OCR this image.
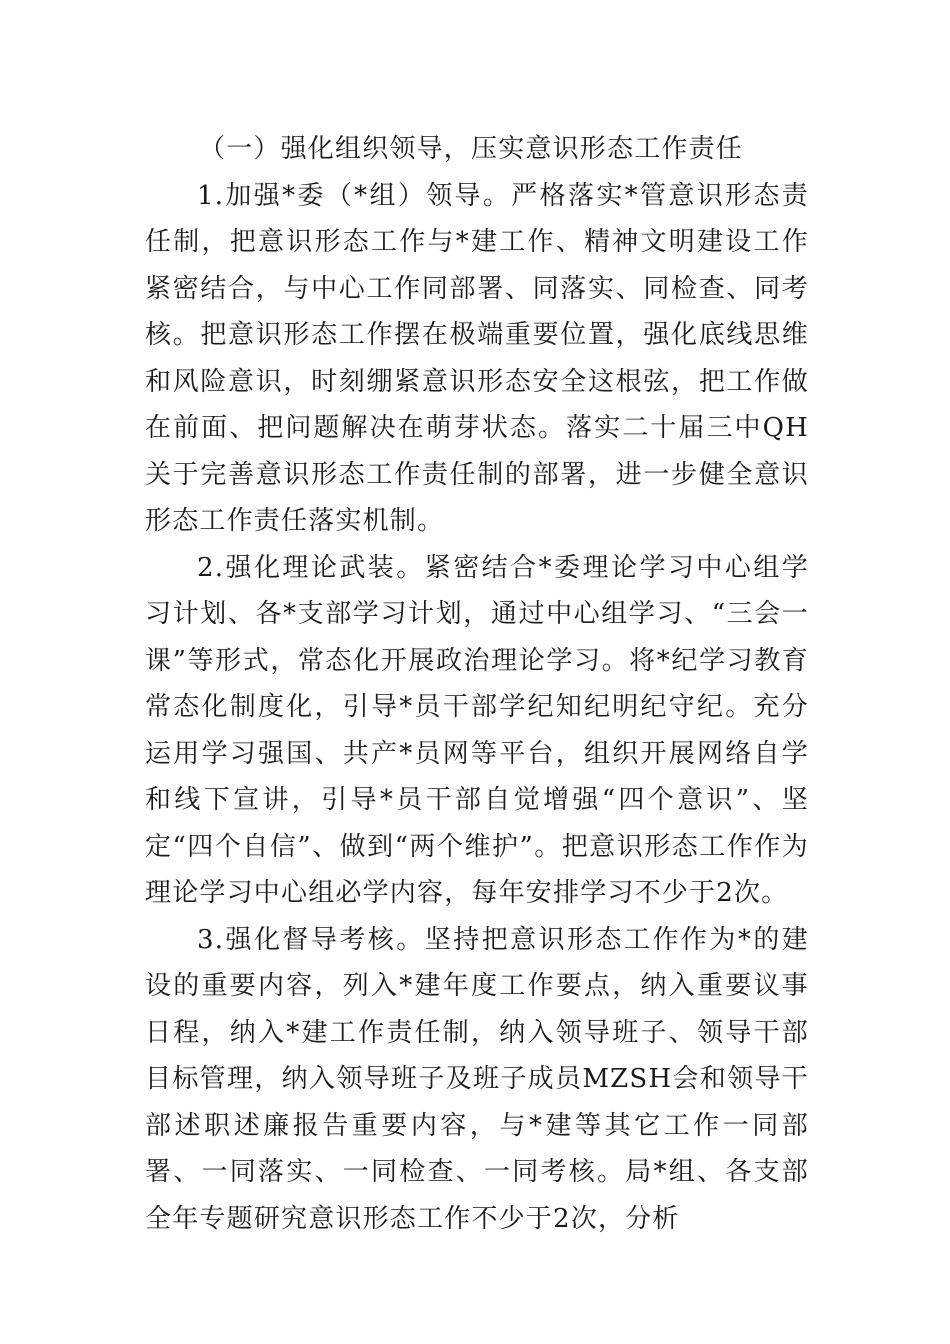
（一）强化组织领导，压实意识形态工作责任

1.加强*委（*组）领导。严格落实*管意识形态责任制，把意识形态工作与*建工作、精神文明建设工作紧密结合，与中心工作同部署、同落实、同检查、同考核。把意识形态工作摆在极端重要位置，强化底线思维和风险意识，时刻绷紧意识形态安全这根弦，把工作做在前面、把问题解决在萌芽状态。落实二十届三中QH关于完善意识形态工作责任制的部署，进一步健全意识形态工作责任落实机制。

2.强化理论武装。紧密结合*委理论学习中心组学习计划、各*支部学习计划，通过中心组学习、“三会一课”等形式，常态化开展政治理论学习。将*纪学习教育常态化制度化，引导*员干部学纪知纪明纪守纪。充分运用学习强国、共产*员网等平台，组织开展网络自学和线下宣讲，引导*员干部自觉增强“四个意识”、坚定“四个自信”、做到“两个维护”。把意识形态工作作为理论学习中心组必学内容，每年安排学习不少于2次。

3.强化督导考核。坚持把意识形态工作作为*的建设的重要内容，列入*建年度工作要点，纳入重要议事日程，纳入*建工作责任制，纳入领导班子、领导干部目标管理，纳入领导班子及班子成员MZSH会和领导干部述职述廉报告重要内容，与*建等其它工作一同部署、一同落实、一同检查、一同考核。局*组、各支部全年专题研究意识形态工作不少于2次，分析
